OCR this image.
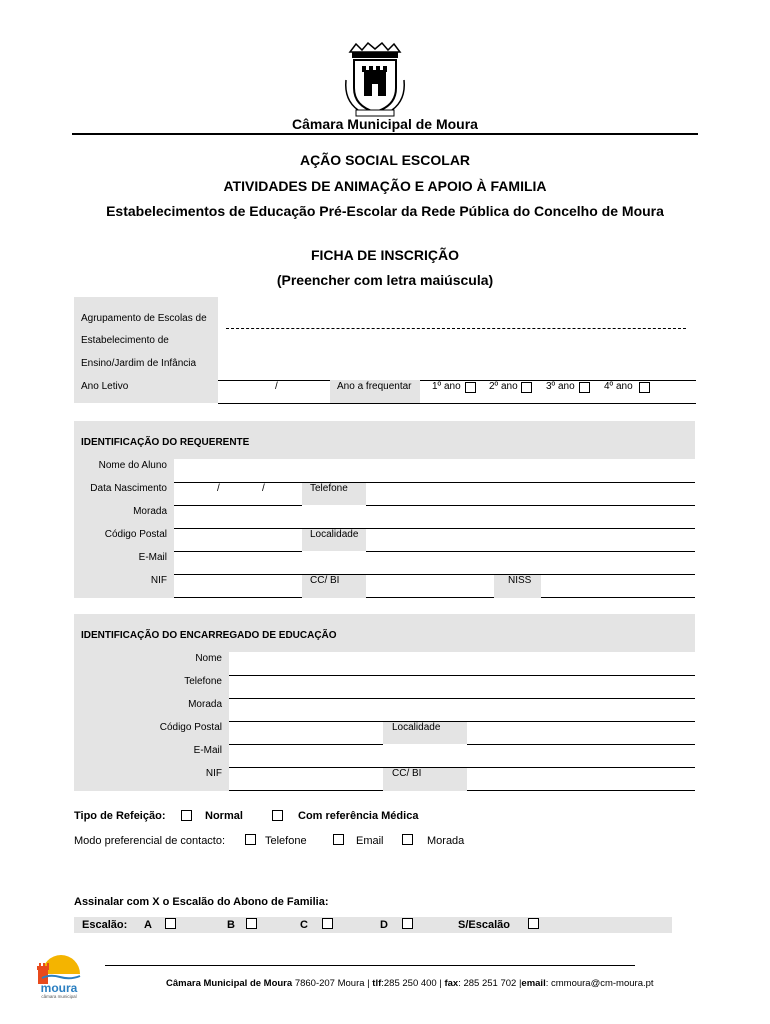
Câmara Municipal de Moura
AÇÃO SOCIAL ESCOLAR
ATIVIDADES DE ANIMAÇÃO E APOIO À FAMILIA
Estabelecimentos de Educação Pré-Escolar da Rede Pública do Concelho de Moura
FICHA DE INSCRIÇÃO
(Preencher com letra maiúscula)
Agrupamento de Escolas de
Estabelecimento de
Ensino/Jardim de Infância
Ano Letivo	/	Ano a frequentar 1º ano	2º ano	3º ano	4º ano
IDENTIFICAÇÃO DO REQUERENTE
Nome do Aluno
Data Nascimento	/	/	Telefone
Morada
Código Postal	Localidade
E-Mail
NIF	CC/ BI	NISS
IDENTIFICAÇÃO DO ENCARREGADO DE EDUCAÇÃO
Nome
Telefone
Morada
Código Postal	Localidade
E-Mail
NIF	CC/ BI
Tipo de Refeição:	Normal	Com referência Médica
Modo preferencial de contacto:	Telefone	Email	Morada
Assinalar com X o Escalão do Abono de Familia:
Escalão: A	B	C	D	S/Escalão
moura
câmara municipal
Câmara Municipal de Moura 7860-207 Moura | tlf:285 250 400 | fax: 285 251 702 |email: cmmoura@cm-moura.pt
